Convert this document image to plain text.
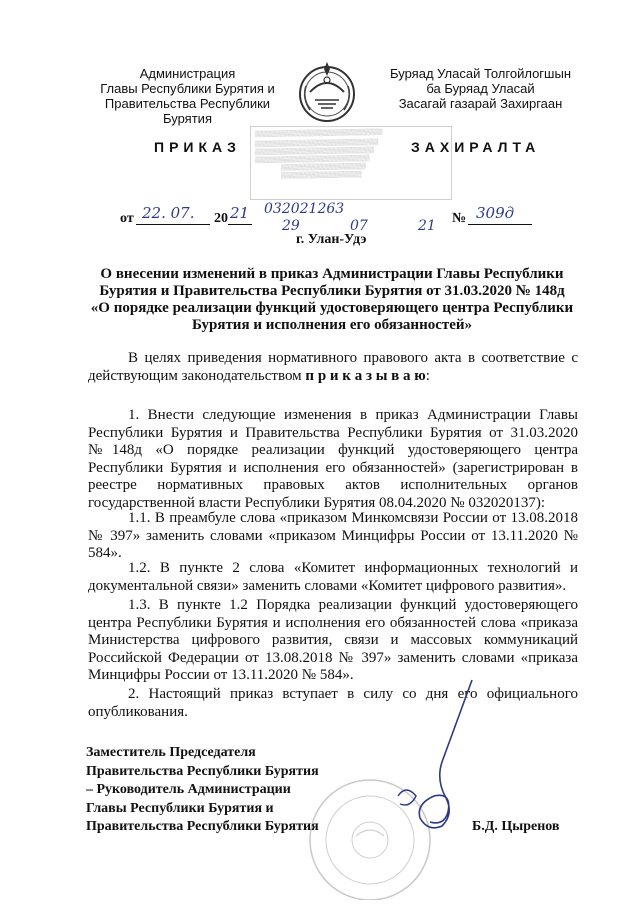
Администрация
Главы Республики Бурятия и
Правительства Республики Бурятия
Буряад Уласай Толгойлогшын
ба Буряад Уласай
Засагай газарай Захиргаан
ПРИКАЗ	ЗАХИРАЛТА
▒▒▒▒▒▒▒▒▒▒▒▒▒▒▒▒▒▒▒▒▒▒▒▒▒▒▒▒▒▒
▒▒▒▒▒▒▒▒▒▒▒▒▒▒▒▒▒▒▒▒▒▒▒▒▒▒▒▒▒
▒▒▒▒▒▒▒▒▒▒▒▒▒▒▒▒▒▒▒▒▒▒▒▒▒▒▒▒
▒▒▒▒▒▒▒▒▒▒▒▒▒▒▒▒▒▒▒▒▒▒▒▒▒▒▒
▒▒▒▒▒▒▒▒▒▒▒▒▒▒▒▒▒▒▒▒
▒▒▒▒▒▒▒▒▒▒▒▒▒▒▒▒▒▒▒
от 22. 07. 20 21 032021263
29	07	21 № 309д
г. Улан-Удэ
О внесении изменений в приказ Администрации Главы Республики
Бурятия и Правительства Республики Бурятия от 31.03.2020 № 148д
«О порядке реализации функций удостоверяющего центра Республики
Бурятия и исполнения его обязанностей»
В целях приведения нормативного правового акта в соответствие с действующим законодательством п р и к а з ы в а ю:
1. Внести следующие изменения в приказ Администрации Главы Республики Бурятия и Правительства Республики Бурятия от 31.03.2020 №148д «О порядке реализации функций удостоверяющего центра Республики Бурятия и исполнения его обязанностей» (зарегистрирован в реестре нормативных правовых актов исполнительных органов государственной власти Республики Бурятия 08.04.2020 № 032020137):
1.1. В преамбуле слова «приказом Минкомсвязи России от 13.08.2018 № 397» заменить словами «приказом Минцифры России от 13.11.2020 № 584».
1.2. В пункте 2 слова «Комитет информационных технологий и документальной связи» заменить словами «Комитет цифрового развития».
1.3. В пункте 1.2 Порядка реализации функций удостоверяющего центра Республики Бурятия и исполнения его обязанностей слова «приказа Министерства цифрового развития, связи и массовых коммуникаций Российской Федерации от 13.08.2018 № 397» заменить словами «приказа Минцифры России от 13.11.2020 № 584».
2. Настоящий приказ вступает в силу со дня его официального опубликования.
Заместитель Председателя
Правительства Республики Бурятия
– Руководитель Администрации
Главы Республики Бурятия и
Правительства Республики Бурятия	Б.Д. Цыренов
